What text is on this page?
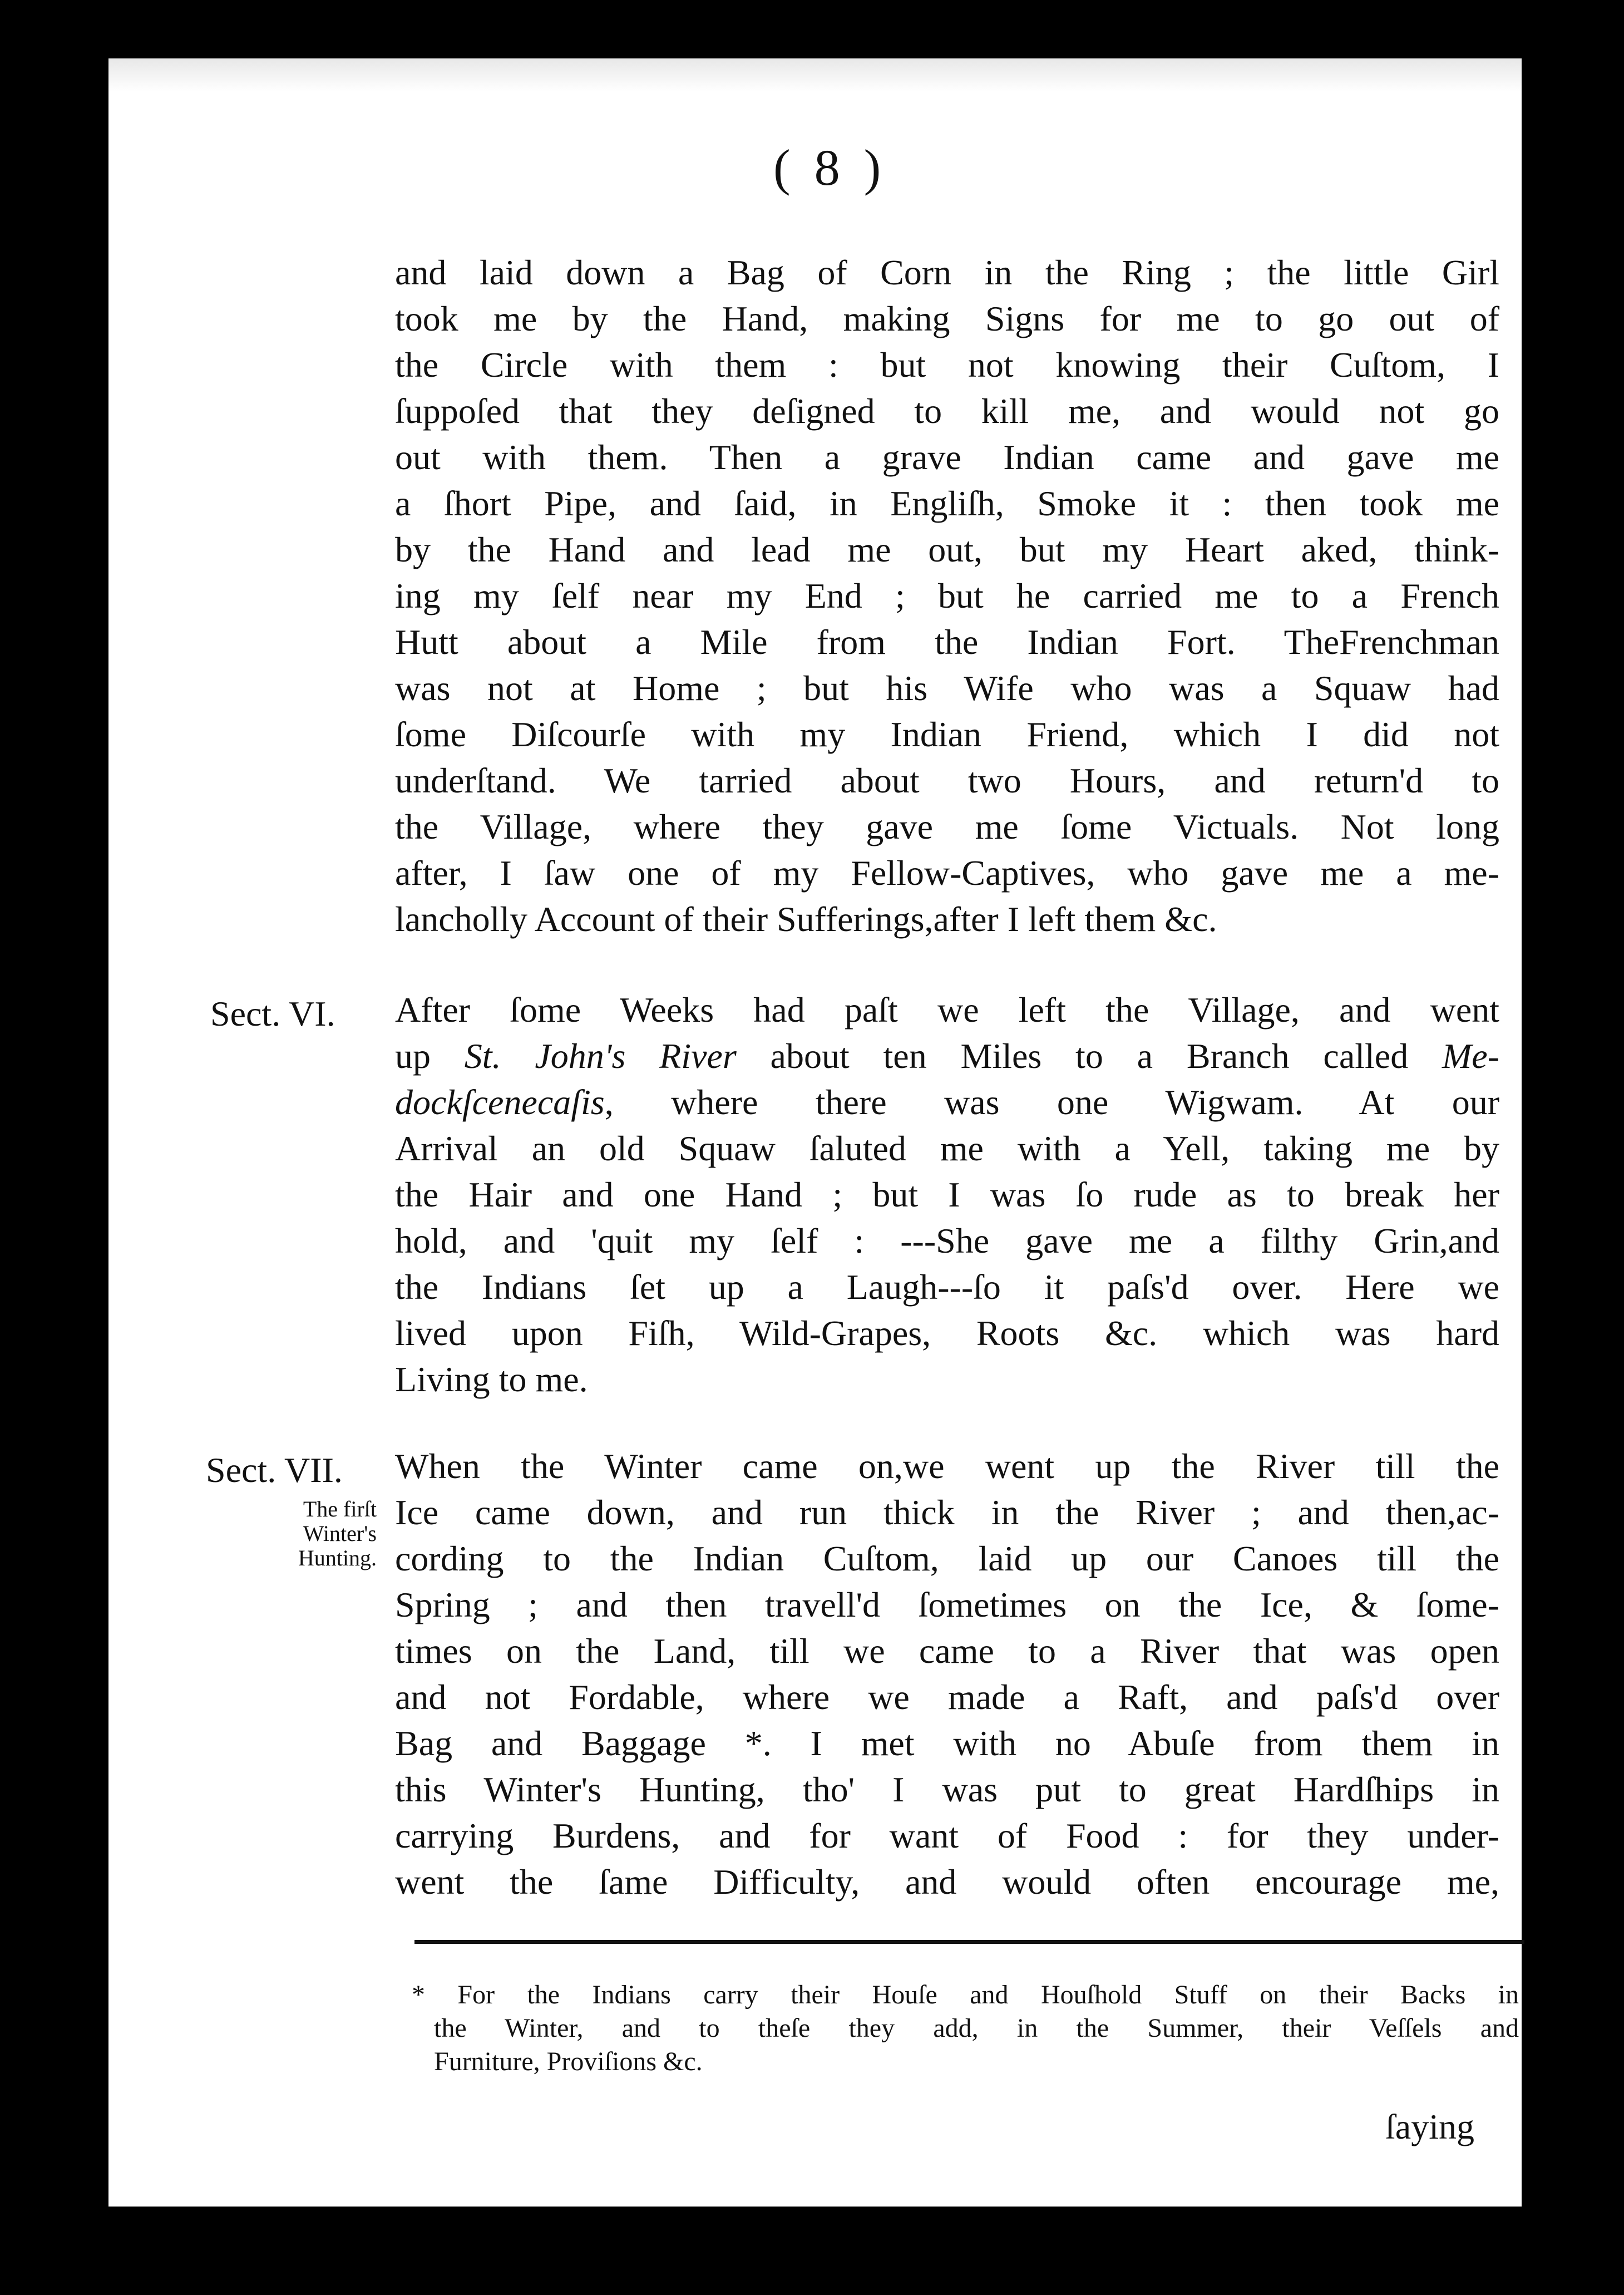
( 8 )

and laid down a Bag of Corn in the Ring ; the little Girl

took me by the Hand, making Signs for me to go out of

the Circle with them : but not knowing their Cuſtom, I

ſuppoſed that they deſigned to kill me, and would not go

out with them. Then a grave Indian came and gave me

a ſhort Pipe, and ſaid, in Engliſh, Smoke it : then took me

by the Hand and lead me out, but my Heart aked, think-

ing my ſelf near my End ; but he carried me to a French

Hutt about a Mile from the Indian Fort. TheFrenchman

was not at Home ; but his Wife who was a Squaw had

ſome Diſcourſe with my Indian Friend, which I did not

underſtand. We tarried about two Hours, and return'd to

the Village, where they gave me ſome Victuals. Not long

after, I ſaw one of my Fellow-Captives, who gave me a me-

lancholly Account of their Sufferings,after I left them &c.

Sect. VI. After ſome Weeks had paſt we left the Village, and went

up St. John's River about ten Miles to a Branch called Me-

dockſcenecaſis, where there was one Wigwam. At our

Arrival an old Squaw ſaluted me with a Yell, taking me by

the Hair and one Hand ; but I was ſo rude as to break her

hold, and 'quit my ſelf : ---She gave me a filthy Grin,and

the Indians ſet up a Laugh---ſo it paſs'd over. Here we

lived upon Fiſh, Wild-Grapes, Roots &c. which was hard

Living to me.

Sect. VII.
The firſt
Winter's
Hunting.

When the Winter came on,we went up the River till the

Ice came down, and run thick in the River ; and then,ac-

cording to the Indian Cuſtom, laid up our Canoes till the

Spring ; and then travell'd ſometimes on the Ice, & ſome-

times on the Land, till we came to a River that was open

and not Fordable, where we made a Raft, and paſs'd over

Bag and Baggage *. I met with no Abuſe from them in

this Winter's Hunting, tho' I was put to great Hardſhips in

carrying Burdens, and for want of Food : for they under-

went the ſame Difficulty, and would often encourage me,

* For the Indians carry their Houſe and Houſhold Stuff on their Backs in

the Winter, and to theſe they add, in the Summer, their Veſſels and

Furniture, Proviſions &c.

ſaying
